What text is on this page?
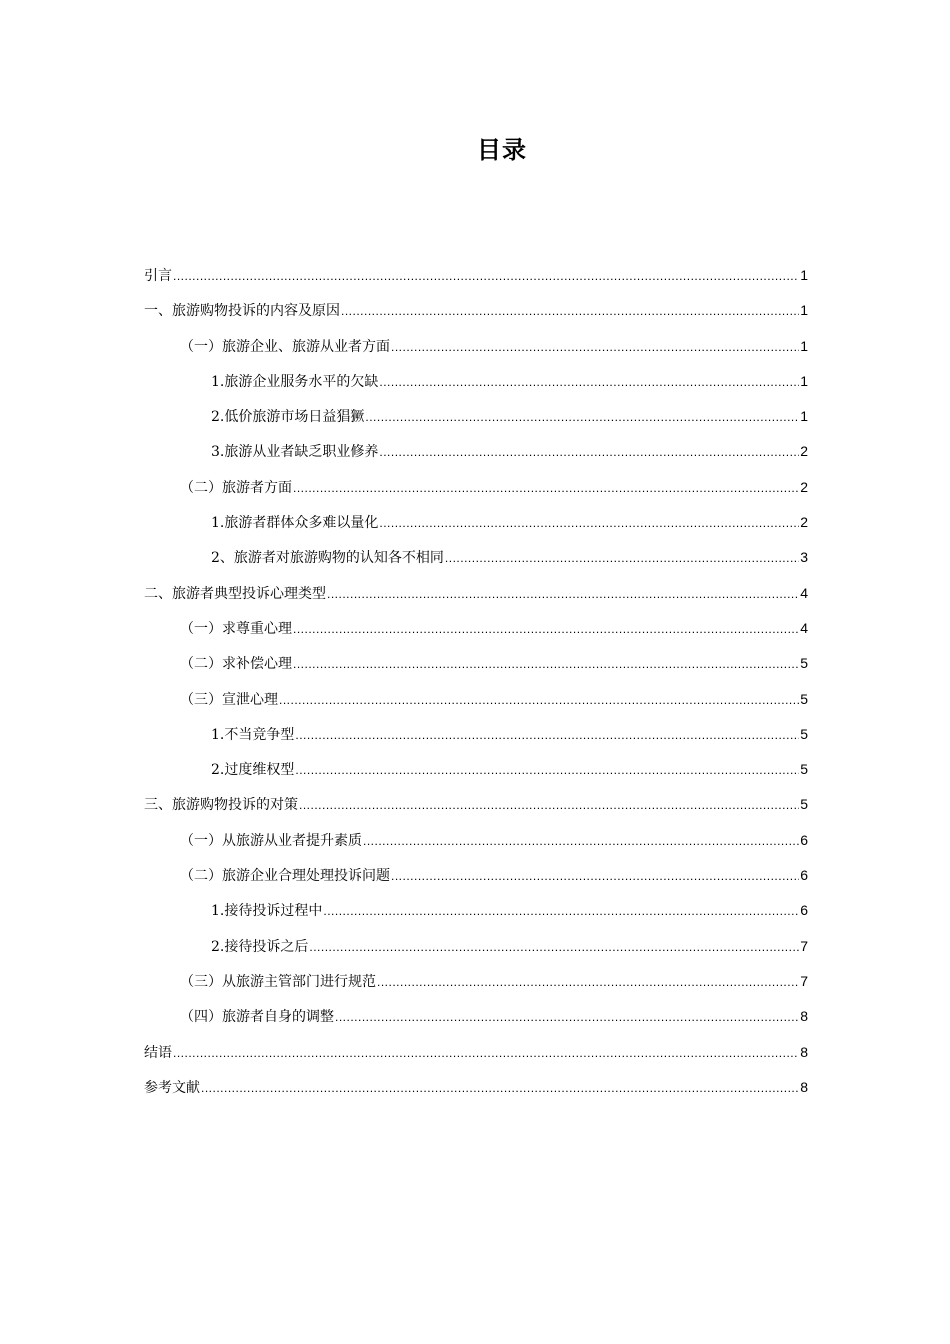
目录
引言 .....	1
一、旅游购物投诉的内容及原因 .....	1
（一）旅游企业、旅游从业者方面 .....	1
1.旅游企业服务水平的欠缺 .....	1
2.低价旅游市场日益猖獗 .....	1
3.旅游从业者缺乏职业修养 .....	2
（二）旅游者方面 .....	2
1.旅游者群体众多难以量化 .....	2
2、旅游者对旅游购物的认知各不相同 .....	3
二、旅游者典型投诉心理类型 .....	4
（一）求尊重心理 .....	4
（二）求补偿心理 .....	5
（三）宣泄心理 .....	5
1.不当竞争型 .....	5
2.过度维权型 .....	5
三、旅游购物投诉的对策 .....	5
（一）从旅游从业者提升素质 .....	6
（二）旅游企业合理处理投诉问题 .....	6
1.接待投诉过程中 .....	6
2.接待投诉之后 .....	7
（三）从旅游主管部门进行规范 .....	7
（四）旅游者自身的调整 .....	8
结语 .....	8
参考文献 .....	8
